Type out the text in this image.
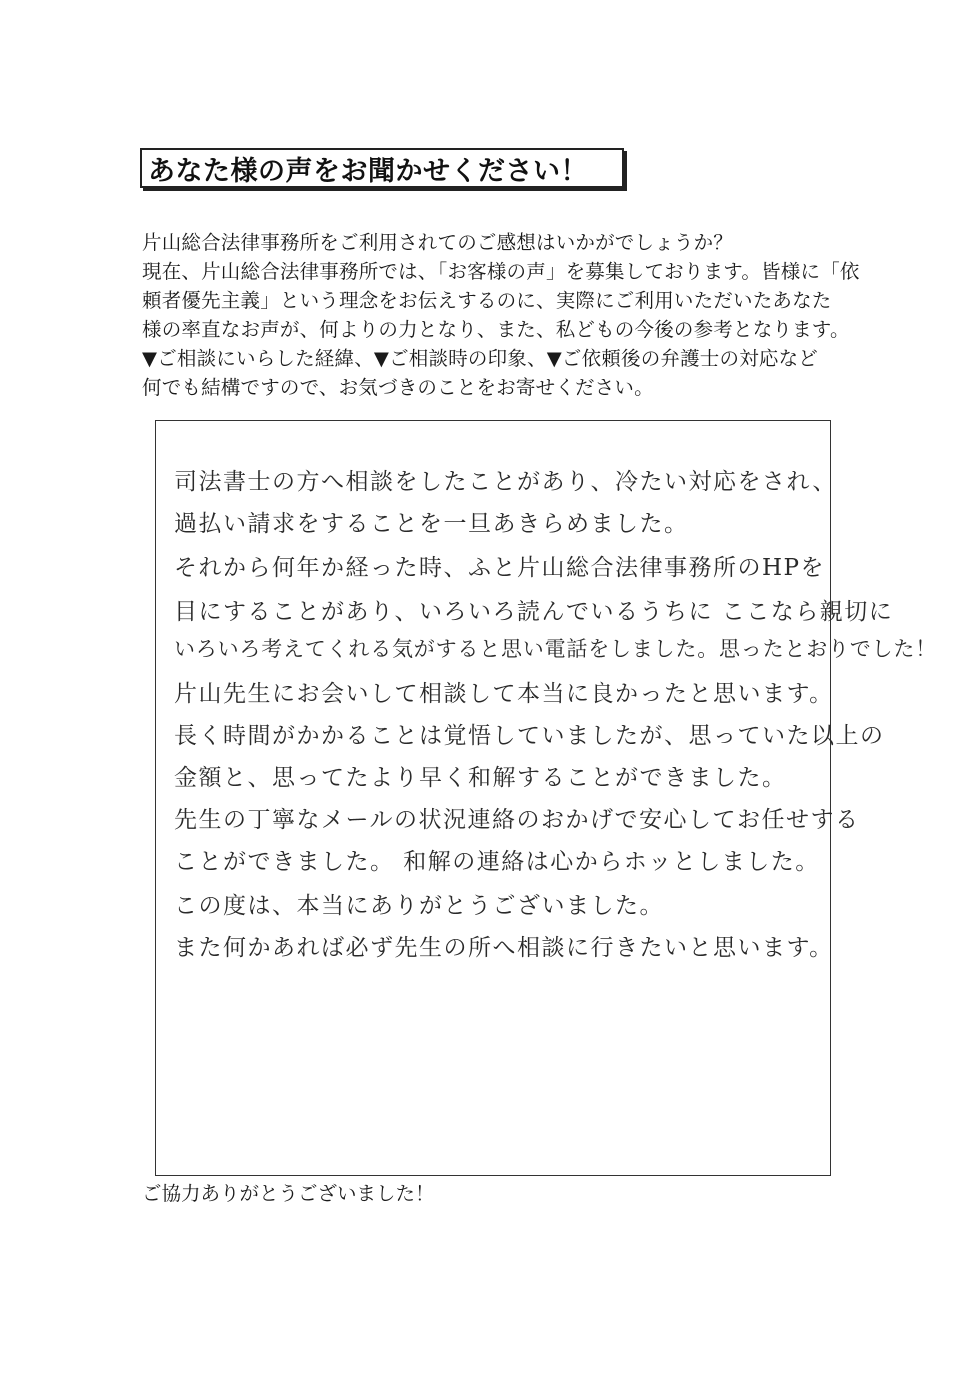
あなた様の声をお聞かせください！
片山総合法律事務所をご利用されてのご感想はいかがでしょうか？
現在、片山総合法律事務所では、「お客様の声」を募集しております。皆様に「依
頼者優先主義」という理念をお伝えするのに、実際にご利用いただいたあなた
様の率直なお声が、何よりの力となり、また、私どもの今後の参考となります。
▼ご相談にいらした経緯、▼ご相談時の印象、▼ご依頼後の弁護士の対応など
何でも結構ですので、お気づきのことをお寄せください。
司法書士の方へ相談をしたことがあり、冷たい対応をされ、
過払い請求をすることを一旦あきらめました。
それから何年か経った時、ふと片山総合法律事務所のHPを
目にすることがあり、いろいろ読んでいるうちに ここなら親切に
いろいろ考えてくれる気がすると思い電話をしました。思ったとおりでした！
片山先生にお会いして相談して本当に良かったと思います。
長く時間がかかることは覚悟していましたが、思っていた以上の
金額と、思ってたより早く和解することができました。
先生の丁寧なメールの状況連絡のおかげで安心してお任せする
ことができました。 和解の連絡は心からホッとしました。
この度は、本当にありがとうございました。
また何かあれば必ず先生の所へ相談に行きたいと思います。
ご協力ありがとうございました！
